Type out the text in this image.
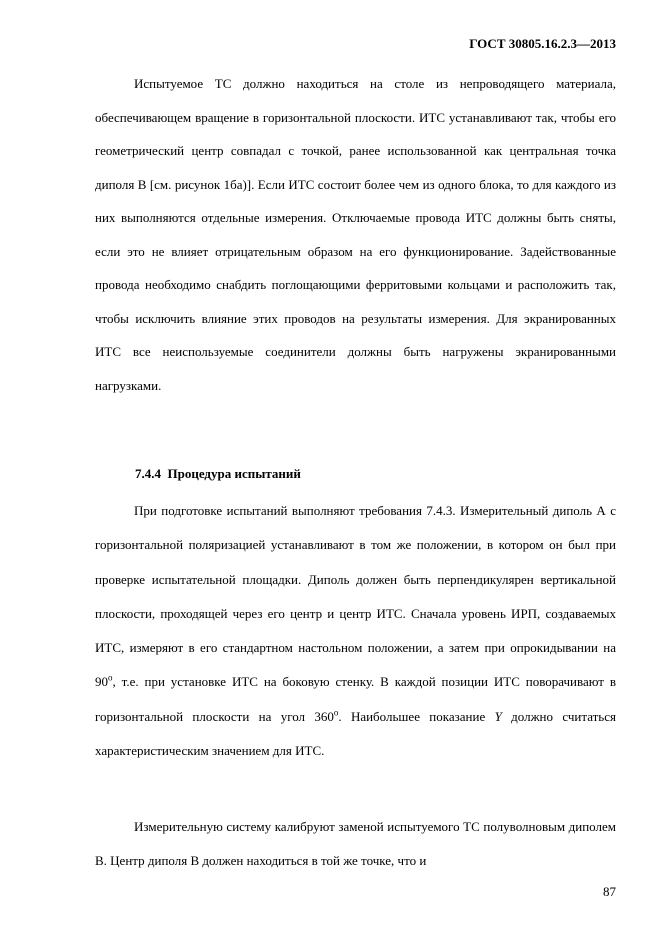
ГОСТ 30805.16.2.3—2013

Испытуемое ТС должно находиться на столе из непроводящего материала, обеспечивающем вращение в горизонтальной плоскости. ИТС устанавливают так, чтобы его геометрический центр совпадал с точкой, ранее использованной как центральная точка диполя В [см. рисунок 1ба)]. Если ИТС состоит более чем из одного блока, то для каждого из них выполняются отдельные измерения. Отключаемые провода ИТС должны быть сняты, если это не влияет отрицательным образом на его функционирование. Задействованные провода необходимо снабдить поглощающими ферритовыми кольцами и расположить так, чтобы исключить влияние этих проводов на результаты измерения. Для экранированных ИТС все неиспользуемые соединители должны быть нагружены экранированными нагрузками.

7.4.4 Процедура испытаний

При подготовке испытаний выполняют требования 7.4.3. Измерительный диполь А с горизонтальной поляризацией устанавливают в том же положении, в котором он был при проверке испытательной площадки. Диполь должен быть перпендикулярен вертикальной плоскости, проходящей через его центр и центр ИТС. Сначала уровень ИРП, создаваемых ИТС, измеряют в его стандартном настольном положении, а затем при опрокидывании на $90^о$, т.е. при установке ИТС на боковую стенку. В каждой позиции ИТС поворачивают в горизонтальной плоскости на угол $360^о$. Наибольшее показание Y должно считаться характеристическим значением для ИТС.

Измерительную систему калибруют заменой испытуемого ТС полуволновым диполем В. Центр диполя В должен находиться в той же точке, что и

87
